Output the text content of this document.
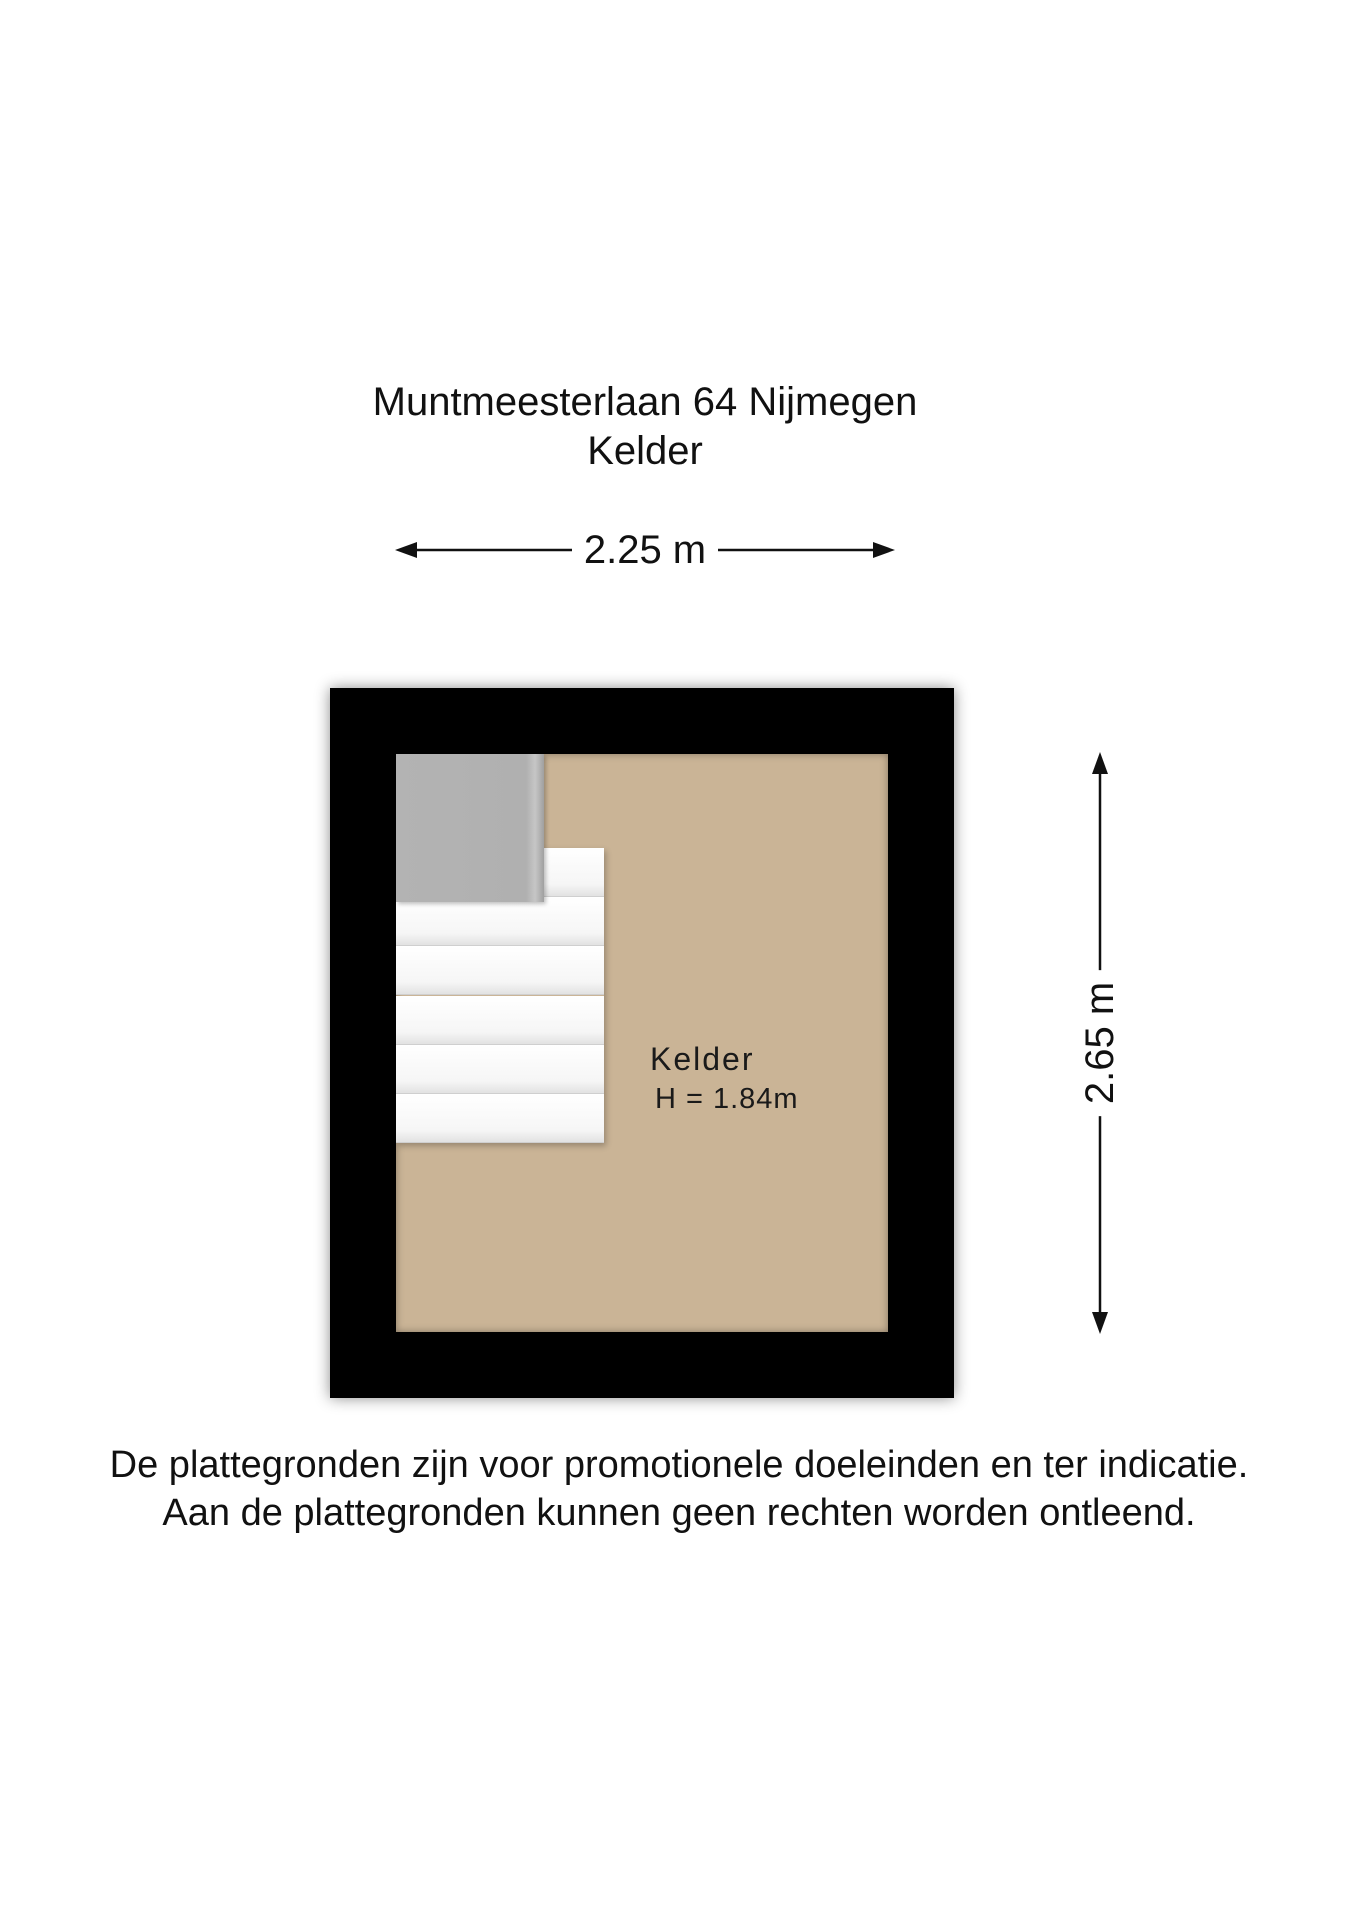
Muntmeesterlaan 64 Nijmegen
Kelder
2.25 m
2.65 m
Kelder
H = 1.84m
De plattegronden zijn voor promotionele doeleinden en ter indicatie.
Aan de plattegronden kunnen geen rechten worden ontleend.
